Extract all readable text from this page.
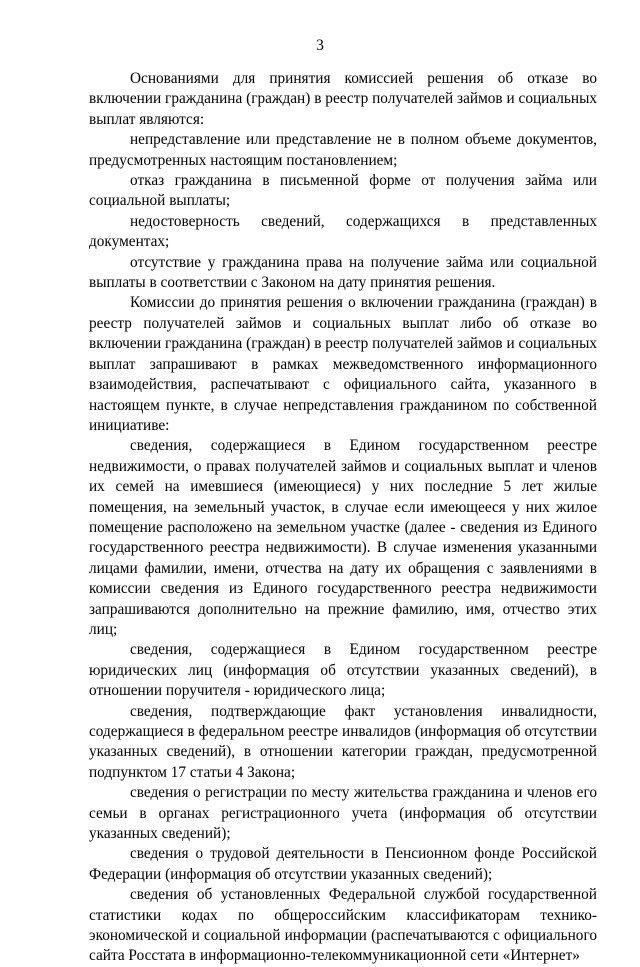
3

Основаниями для принятия комиссией решения об отказе во включении гражданина (граждан) в реестр получателей займов и социальных выплат являются:

непредставление или представление не в полном объеме документов, предусмотренных настоящим постановлением;

отказ гражданина в письменной форме от получения займа или социальной выплаты;

недостоверность сведений, содержащихся в представленных документах;

отсутствие у гражданина права на получение займа или социальной выплаты в соответствии с Законом на дату принятия решения.

Комиссии до принятия решения о включении гражданина (граждан) в реестр получателей займов и социальных выплат либо об отказе во включении гражданина (граждан) в реестр получателей займов и социальных выплат запрашивают в рамках межведомственного информационного взаимодействия, распечатывают с официального сайта, указанного в настоящем пункте, в случае непредставления гражданином по собственной инициативе:

сведения, содержащиеся в Едином государственном реестре недвижимости, о правах получателей займов и социальных выплат и членов их семей на имевшиеся (имеющиеся) у них последние 5 лет жилые помещения, на земельный участок, в случае если имеющееся у них жилое помещение расположено на земельном участке (далее - сведения из Единого государственного реестра недвижимости). В случае изменения указанными лицами фамилии, имени, отчества на дату их обращения с заявлениями в комиссии сведения из Единого государственного реестра недвижимости запрашиваются дополнительно на прежние фамилию, имя, отчество этих лиц;

сведения, содержащиеся в Едином государственном реестре юридических лиц (информация об отсутствии указанных сведений), в отношении поручителя - юридического лица;

сведения, подтверждающие факт установления инвалидности, содержащиеся в федеральном реестре инвалидов (информация об отсутствии указанных сведений), в отношении категории граждан, предусмотренной подпунктом 17 статьи 4 Закона;

сведения о регистрации по месту жительства гражданина и членов его семьи в органах регистрационного учета (информация об отсутствии указанных сведений);

сведения о трудовой деятельности в Пенсионном фонде Российской Федерации (информация об отсутствии указанных сведений);

сведения об установленных Федеральной службой государственной статистики кодах по общероссийским классификаторам технико-экономической и социальной информации (распечатываются с официального сайта Росстата в информационно-телекоммуникационной сети «Интернет»
